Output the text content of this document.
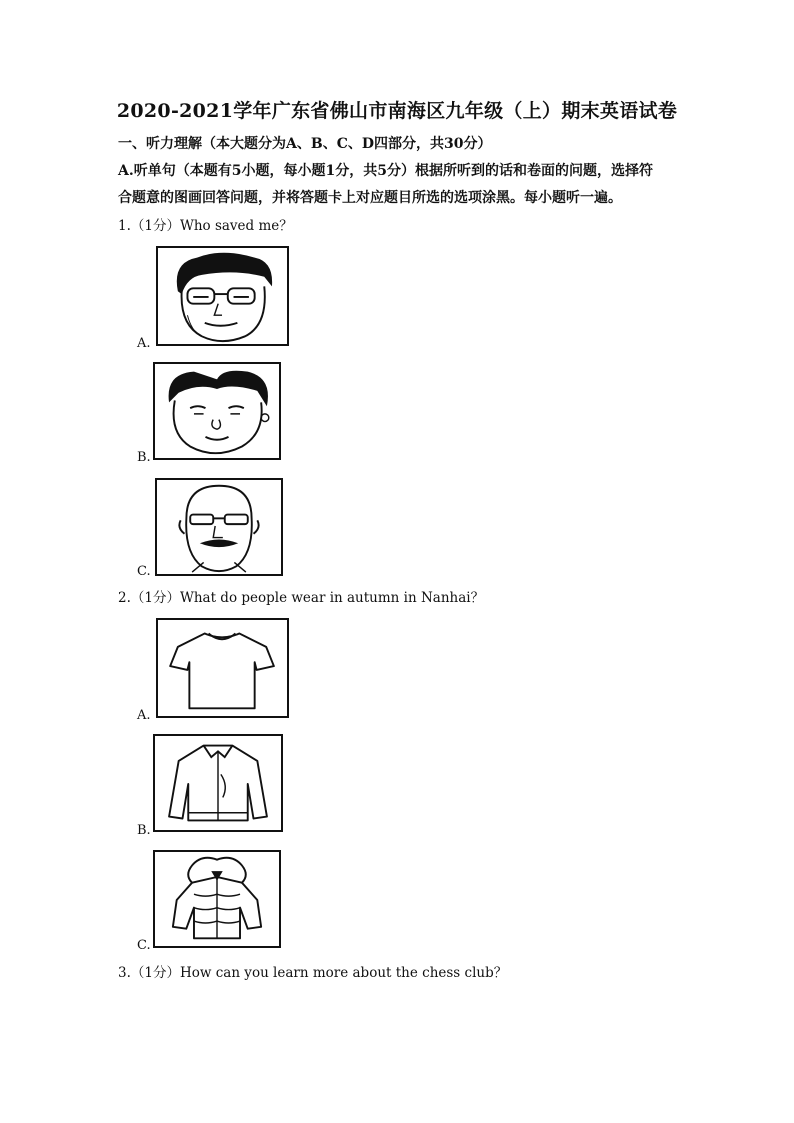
2020-2021学年广东省佛山市南海区九年级（上）期末英语试卷
一、听力理解（本大题分为A、B、C、D四部分，共30分）
A.听单句（本题有5小题，每小题1分，共5分）根据所听到的话和卷面的问题，选择符
合题意的图画回答问题，并将答题卡上对应题目所选的选项涂黑。每小题听一遍。
1.（1分）Who saved me？
A.
B.
C.
2.（1分）What do people wear in autumn in Nanhai？
A.
B.
C.
3.（1分）How can you learn more about the chess club？
